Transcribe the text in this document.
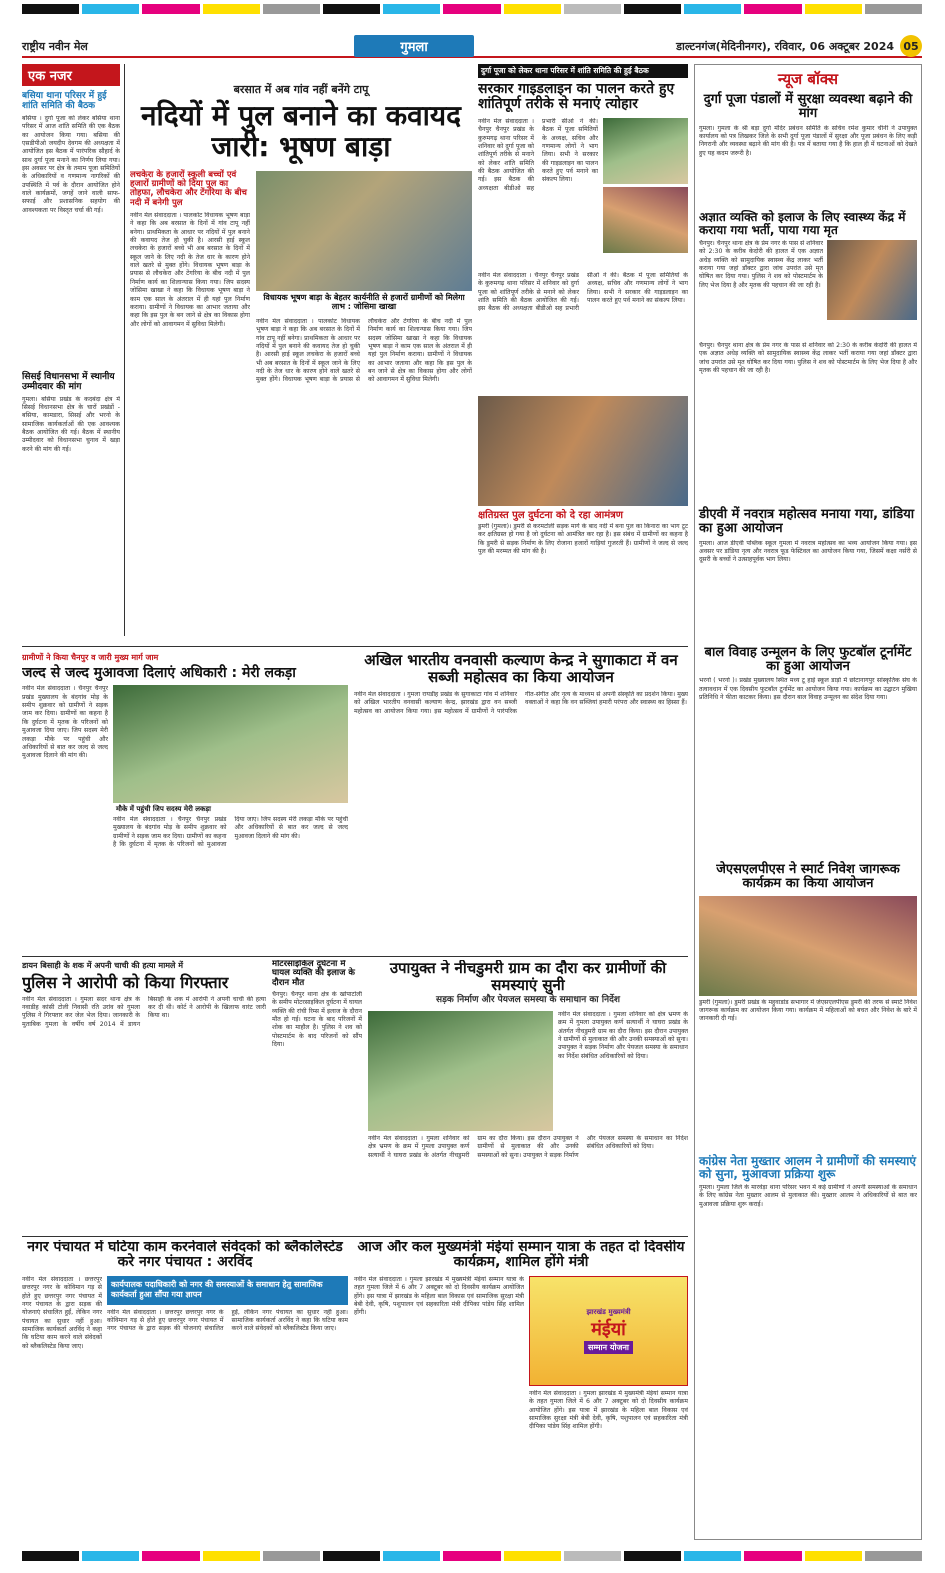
राष्ट्रीय नवीन मेल	गुमला	डाल्टनगंज(मेदिनीनगर), रविवार, 06 अक्टूबर 2024 05
एक नजर
बसिया थाना परिसर में हुई शांति समिति की बैठक
बसिया । दुर्गा पूजा को लेकर बसिया थाना परिसर में आज शांति समिति की एक बैठक का आयोजन किया गया। बसिया की एसडीपीओ जयदीप देवगम की अध्यक्षता में आयोजित इस बैठक में पारंपरिक सौहार्द के साथ दुर्गा पूजा मनाने का निर्णय लिया गया। इस अवसर पर क्षेत्र के तमाम पूजा समितियों के अधिकारियों व गणमान्य नागरिकों की उपस्थिति में पर्व के दौरान आयोजित होने वाले कार्यक्रमों, जगहें जाने वाली साफ-सफाई और प्रशासनिक सहयोग की आवश्यकता पर विस्तृत चर्चा की गई।
सिसई विधानसभा में स्थानीय उम्मीदवार की मांग
गुमला। बसिया प्रखंड के कदबंदा क्षेत्र में सिसई विधानसभा क्षेत्र के चारों प्रखंडों - बसिया, कामडारा, सिसई और भरनो के सामाजिक कार्यकर्ताओं की एक आवश्यक बैठक आयोजित की गई। बैठक में स्थानीय उम्मीदवार को विधानसभा चुनाव में खड़ा करने की मांग की गई।
बरसात में अब गांव नहीं बनेंगे टापू
नदियों में पुल बनाने का कवायद जारी: भूषण बाड़ा
लचकेरा के हजारों स्कूली बच्चों एवं हजारों ग्रामीणों को दिया पुल का तोहफा, लौचकेरा और टेंगरिया के बीच नदी में बनेगी पुल
नवीन मेल संवाददाता । पालकोट विधायक भूषण बाड़ा ने कहा कि अब बरसात के दिनों में गांव टापू नहीं बनेगा। प्राथमिकता के आधार पर नदियों में पुल बनाने की कवायद तेज हो चुकी है। आरसी हाई स्कूल लचकेरा के हजारों बच्चे भी अब बरसात के दिनों में स्कूल जाने के लिए नदी के तेज धार के कारण होने वाले खतरे से मुक्त होंगे। विधायक भूषण बाड़ा के प्रयास से लौचकेरा और टेंगरिया के बीच नदी में पुल निर्माण कार्य का शिलान्यास किया गया। जिप सदस्य जोसिमा खाखा ने कहा कि विधायक भूषण बाड़ा ने काम एक साल के अंतराल में ही यहां पुल निर्माण कराया। ग्रामीणों ने विधायक का आभार जताया और कहा कि इस पुल के बन जाने से क्षेत्र का विकास होगा और लोगों को आवागमन में सुविधा मिलेगी।
विधायक भूषण बाड़ा के बेहतर कार्यनीति से हजारों ग्रामीणों को मिलेगा लाभ : जोसिमा खाखा
नवीन मेल संवाददाता । पालकोट विधायक भूषण बाड़ा ने कहा कि अब बरसात के दिनों में गांव टापू नहीं बनेगा। प्राथमिकता के आधार पर नदियों में पुल बनाने की कवायद तेज हो चुकी है। आरसी हाई स्कूल लचकेरा के हजारों बच्चे भी अब बरसात के दिनों में स्कूल जाने के लिए नदी के तेज धार के कारण होने वाले खतरे से मुक्त होंगे। विधायक भूषण बाड़ा के प्रयास से लौचकेरा और टेंगरिया के बीच नदी में पुल निर्माण कार्य का शिलान्यास किया गया। जिप सदस्य जोसिमा खाखा ने कहा कि विधायक भूषण बाड़ा ने काम एक साल के अंतराल में ही यहां पुल निर्माण कराया। ग्रामीणों ने विधायक का आभार जताया और कहा कि इस पुल के बन जाने से क्षेत्र का विकास होगा और लोगों को आवागमन में सुविधा मिलेगी।
दुर्गा पूजा को लेकर थाना परिसर में शांति समिति की हुई बैठक
सरकार गाइडलाइन का पालन करते हुए शांतिपूर्ण तरीके से मनाएं त्योहार
नवीन मेल संवाददाता । चैनपुर चैनपुर प्रखंड के कुरुमगढ़ थाना परिसर में शनिवार को दुर्गा पूजा को शांतिपूर्ण तरीके से मनाने को लेकर शांति समिति की बैठक आयोजित की गई। इस बैठक की अध्यक्षता बीडीओ सह प्रभारी सीओ ने की। बैठक में पूजा समितियों के अध्यक्ष, सचिव और गणमान्य लोगों ने भाग लिया। सभी ने सरकार की गाइडलाइन का पालन करते हुए पर्व मनाने का संकल्प लिया।
नवीन मेल संवाददाता । चैनपुर चैनपुर प्रखंड के कुरुमगढ़ थाना परिसर में शनिवार को दुर्गा पूजा को शांतिपूर्ण तरीके से मनाने को लेकर शांति समिति की बैठक आयोजित की गई। इस बैठक की अध्यक्षता बीडीओ सह प्रभारी सीओ ने की। बैठक में पूजा समितियों के अध्यक्ष, सचिव और गणमान्य लोगों ने भाग लिया। सभी ने सरकार की गाइडलाइन का पालन करते हुए पर्व मनाने का संकल्प लिया।
क्षतिग्रस्त पुल दुर्घटना को दे रहा आमंत्रण
डुमरी (गुमला)। डुमरी से करमटोली सड़क मार्ग के बाद नदी में बना पुल का किनारा का भाग टूट कर क्षतिग्रस्त हो गया है जो दुर्घटना को आमंत्रित कर रहा है। इस संबंध में ग्रामीणों का कहना है कि डुमरी से सड़क निर्माण के लिए रोजाना हजारों गाड़ियां गुजरती हैं। ग्रामीणों ने जल्द से जल्द पुल की मरम्मत की मांग की है।
न्यूज बॉक्स
दुर्गा पूजा पंडालों में सुरक्षा व्यवस्था बढ़ाने की मांग
गुमला। गुमला के श्री बड़ा दुर्गा मंदिर प्रबंधन समिति के सचिव रमेश कुमार चीनी ने उपायुक्त कार्यालय को पत्र लिखकर जिले के सभी दुर्गा पूजा पंडालों में सुरक्षा और पूजा प्रबंधन के लिए कड़ी निगरानी और व्यवस्था बढ़ाने की मांग की है। पत्र में बताया गया है कि हाल ही में घटनाओं को देखते हुए यह कदम जरूरी है।
अज्ञात व्यक्ति को इलाज के लिए स्वास्थ्य केंद्र में कराया गया भर्ती, पाया गया मृत
चैनपुर। चैनपुर थाना क्षेत्र के प्रेम नगर के पास से शनिवार को 2:30 के करीब केदोरी की हालत में एक अज्ञात अधेड़ व्यक्ति को सामुदायिक स्वास्थ्य केंद्र लाकर भर्ती कराया गया जहां डॉक्टर द्वारा जांच उपरांत उसे मृत घोषित कर दिया गया। पुलिस ने शव को पोस्टमार्टम के लिए भेज दिया है और मृतक की पहचान की जा रही है।
चैनपुर। चैनपुर थाना क्षेत्र के प्रेम नगर के पास से शनिवार को 2:30 के करीब केदोरी की हालत में एक अज्ञात अधेड़ व्यक्ति को सामुदायिक स्वास्थ्य केंद्र लाकर भर्ती कराया गया जहां डॉक्टर द्वारा जांच उपरांत उसे मृत घोषित कर दिया गया। पुलिस ने शव को पोस्टमार्टम के लिए भेज दिया है और मृतक की पहचान की जा रही है।
डीएवी में नवरात्र महोत्सव मनाया गया, डांडिया का हुआ आयोजन
गुमला। आज डीएवी पब्लिक स्कूल गुमला में नवरात्र महोत्सव का भव्य आयोजन किया गया। इस अवसर पर डांडिया नृत्य और नवरात्र फूड फेस्टिवल का आयोजन किया गया, जिसमें कक्षा नर्सरी से दूसरी के बच्चों ने उत्साहपूर्वक भाग लिया।
बाल विवाह उन्मूलन के लिए फुटबॉल टूर्नामेंट का हुआ आयोजन
भरनो ( भरनो )। प्रखंड मुख्यालय स्थित मध्य टू हाई स्कूल डाड़ो में छोटानागपुर सांस्कृतिक संघ के तत्वावधान में एक दिवसीय फुटबॉल टूर्नामेंट का आयोजन किया गया। कार्यक्रम का उद्घाटन मुखिया प्रतिनिधि ने फीता काटकर किया। इस दौरान बाल विवाह उन्मूलन का संदेश दिया गया।
जेएसएलपीएस ने स्मार्ट निवेश जागरूक कार्यक्रम का किया आयोजन
डुमरी (गुमला)। डुमरी प्रखंड के महुवाडांड सभागार में जेएसएलपीएस डुमरी की तरफ से स्मार्ट निवेश जागरूक कार्यक्रम का आयोजन किया गया। कार्यक्रम में महिलाओं को बचत और निवेश के बारे में जानकारी दी गई।
कांग्रेस नेता मुख्तार आलम ने ग्रामीणों की समस्याएं को सुना, मुआवजा प्रक्रिया शुरू
गुमला। गुमला जिले के मारवेड़ा थाना परिसर भवन में कई ग्रामीणों ने अपनी समस्याओं के समाधान के लिए कांग्रेस नेता मुख्तार आलम से मुलाकात की। मुख्तार आलम ने अधिकारियों से बात कर मुआवजा प्रक्रिया शुरू कराई।
ग्रामीणों ने किया चैनपुर व जारी मुख्य मार्ग जाम
जल्द से जल्द मुआवजा दिलाएं अधिकारी : मेरी लकड़ा
नवीन मेल संवाददाता । चैनपुर चैनपुर प्रखंड मुख्यालय के बंदगांव मोड़ के समीप शुक्रवार को ग्रामीणों ने सड़क जाम कर दिया। ग्रामीणों का कहना है कि दुर्घटना में मृतक के परिजनों को मुआवजा दिया जाए। जिप सदस्य मेरी लकड़ा मौके पर पहुंची और अधिकारियों से बात कर जल्द से जल्द मुआवजा दिलाने की मांग की।
मौके में पहुंची जिप सदस्य मेरी लकड़ा
नवीन मेल संवाददाता । चैनपुर चैनपुर प्रखंड मुख्यालय के बंदगांव मोड़ के समीप शुक्रवार को ग्रामीणों ने सड़क जाम कर दिया। ग्रामीणों का कहना है कि दुर्घटना में मृतक के परिजनों को मुआवजा दिया जाए। जिप सदस्य मेरी लकड़ा मौके पर पहुंची और अधिकारियों से बात कर जल्द से जल्द मुआवजा दिलाने की मांग की।
अखिल भारतीय वनवासी कल्याण केन्द्र ने सुगाकाटा में वन सब्जी महोत्सव का किया आयोजन
नवीन मेल संवाददाता । गुमला रायडीह प्रखंड के सुगाकाटा गांव में शनिवार को अखिल भारतीय वनवासी कल्याण केन्द्र, झारखंड द्वारा वन सब्जी महोत्सव का आयोजन किया गया। इस महोत्सव में ग्रामीणों ने पारंपरिक गीत-संगीत और नृत्य के माध्यम से अपनी संस्कृति का प्रदर्शन किया। मुख्य वक्ताओं ने कहा कि वन सब्जियां हमारी परंपरा और स्वास्थ्य का हिस्सा हैं।
डायन बिसाही के शक में अपनी चाची की हत्या मामले में
पुलिस ने आरोपी को किया गिरफ्तार
नवीन मेल संवाददाता । गुमला सदर थाना क्षेत्र के नवाडीह कांसी टोली निवासी रति उरांव को गुमला पुलिस ने गिरफ्तार कर जेल भेज दिया। जानकारी के मुताबिक गुमला के वर्षीय वर्ष 2014 में डायन बिसाही के शक में आरोपी ने अपनी चाची की हत्या कर दी थी। कोर्ट ने आरोपी के खिलाफ वारंट जारी किया था।
मोटरसाइकिल दुर्घटना में घायल व्यक्ति की इलाज के दौरान मौत
चैनपुर। चैनपुर थाना क्षेत्र के खोपाटोली के समीप मोटरसाइकिल दुर्घटना में घायल व्यक्ति की रांची रिम्स में इलाज के दौरान मौत हो गई। घटना के बाद परिजनों में शोक का माहौल है। पुलिस ने शव को पोस्टमार्टम के बाद परिजनों को सौंप दिया।
उपायुक्त ने नीचडुमरी ग्राम का दौरा कर ग्रामीणों की समस्याएं सुनी
सड़क निर्माण और पेयजल समस्या के समाधान का निर्देश
नवीन मेल संवाददाता । गुमला शनिवार को क्षेत्र भ्रमण के क्रम में गुमला उपायुक्त कर्ण सत्यार्थी ने घाघरा प्रखंड के अंतर्गत नीचडुमरी ग्राम का दौरा किया। इस दौरान उपायुक्त ने ग्रामीणों से मुलाकात की और उनकी समस्याओं को सुना। उपायुक्त ने सड़क निर्माण और पेयजल समस्या के समाधान का निर्देश संबंधित अधिकारियों को दिया।
नवीन मेल संवाददाता । गुमला शनिवार को क्षेत्र भ्रमण के क्रम में गुमला उपायुक्त कर्ण सत्यार्थी ने घाघरा प्रखंड के अंतर्गत नीचडुमरी ग्राम का दौरा किया। इस दौरान उपायुक्त ने ग्रामीणों से मुलाकात की और उनकी समस्याओं को सुना। उपायुक्त ने सड़क निर्माण और पेयजल समस्या के समाधान का निर्देश संबंधित अधिकारियों को दिया।
नगर पंचायत में घटिया काम करनेवाले संवेदकों को ब्लैकलिस्टेड करे नगर पंचायत : अरविंद
नवीन मेल संवाददाता । छत्तरपुर छत्तरपुर नगर के कोविमान गड़ से होते हुए छत्तरपुर नगर पंचायत में नगर पंचायत के द्वारा सड़क की योजनाएं संचालित हुईं, लेकिन नगर पंचायत का सुधार नहीं हुआ। सामाजिक कार्यकर्ता अरविंद ने कहा कि घटिया काम करने वाले संवेदकों को ब्लैकलिस्टेड किया जाए।
कार्यपालक पदाधिकारी को नगर की समस्याओं के समाधान हेतु सामाजिक कार्यकर्ता हुआ सौंपा गया ज्ञापन
नवीन मेल संवाददाता । छत्तरपुर छत्तरपुर नगर के कोविमान गड़ से होते हुए छत्तरपुर नगर पंचायत में नगर पंचायत के द्वारा सड़क की योजनाएं संचालित हुईं, लेकिन नगर पंचायत का सुधार नहीं हुआ। सामाजिक कार्यकर्ता अरविंद ने कहा कि घटिया काम करने वाले संवेदकों को ब्लैकलिस्टेड किया जाए।
आज और कल मुख्यमंत्री मंईयां सम्मान यात्रा के तहत दो दिवसीय कार्यक्रम, शामिल होंगे मंत्री
नवीन मेल संवाददाता । गुमला झारखंड में मुख्यमंत्री मंईयां सम्मान यात्रा के तहत गुमला जिले में 6 और 7 अक्टूबर को दो दिवसीय कार्यक्रम आयोजित होंगे। इस यात्रा में झारखंड के महिला बाल विकास एवं सामाजिक सुरक्षा मंत्री बेबी देवी, कृषि, पशुपालन एवं सहकारिता मंत्री दीपिका पांडेय सिंह शामिल होंगी।	झारखंड मुख्यमंत्री
मंईयां
सम्मान योजना
नवीन मेल संवाददाता । गुमला झारखंड में मुख्यमंत्री मंईयां सम्मान यात्रा के तहत गुमला जिले में 6 और 7 अक्टूबर को दो दिवसीय कार्यक्रम आयोजित होंगे। इस यात्रा में झारखंड के महिला बाल विकास एवं सामाजिक सुरक्षा मंत्री बेबी देवी, कृषि, पशुपालन एवं सहकारिता मंत्री दीपिका पांडेय सिंह शामिल होंगी।
